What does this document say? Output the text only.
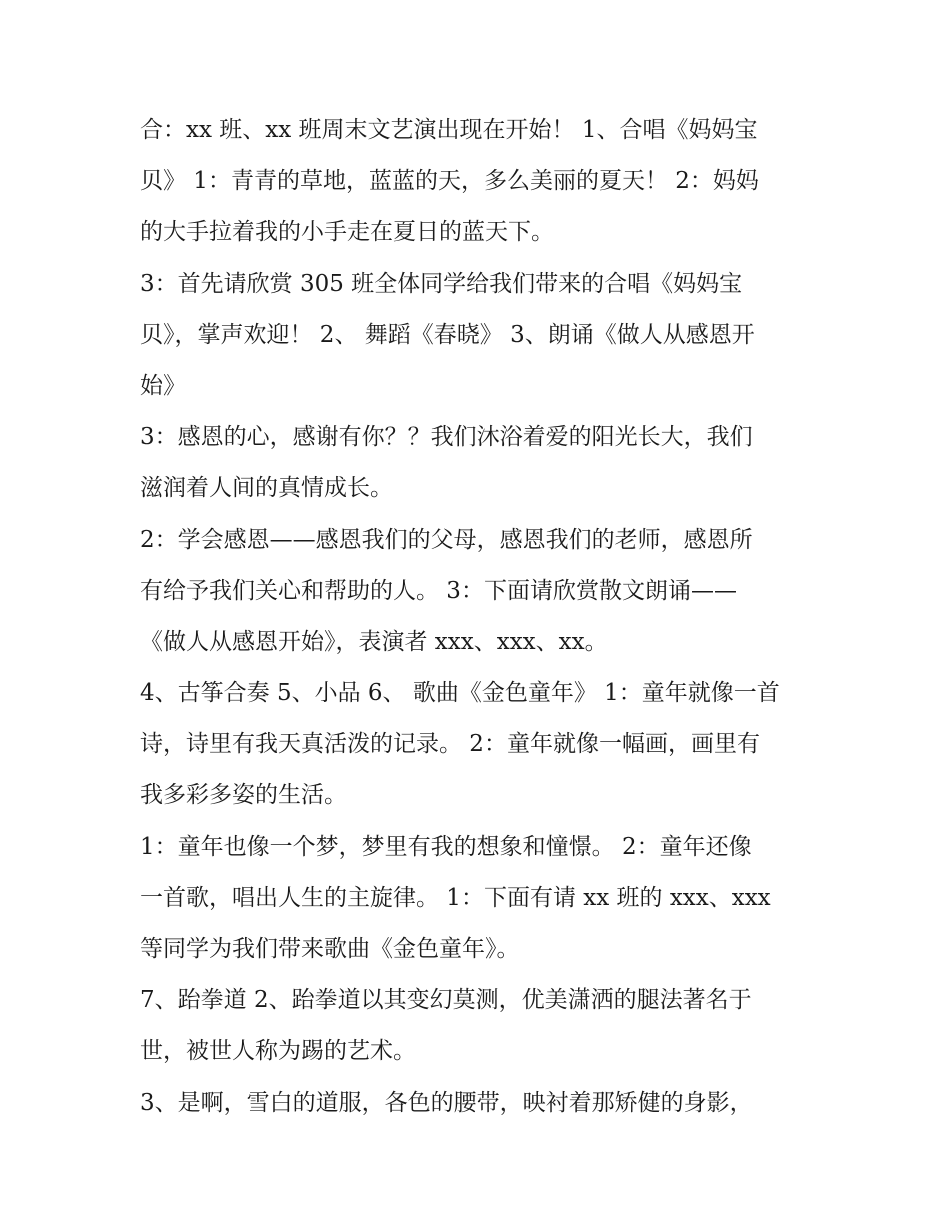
合：xx 班、xx 班周末文艺演出现在开始！ 1、合唱《妈妈宝
贝》 1：青青的草地，蓝蓝的天，多么美丽的夏天！ 2：妈妈
的大手拉着我的小手走在夏日的蓝天下。
3：首先请欣赏 305 班全体同学给我们带来的合唱《妈妈宝
贝》，掌声欢迎！ 2、 舞蹈《春晓》 3、朗诵《做人从感恩开
始》
3：感恩的心，感谢有你？？我们沐浴着爱的阳光长大，我们
滋润着人间的真情成长。
2：学会感恩——感恩我们的父母，感恩我们的老师，感恩所
有给予我们关心和帮助的人。 3：下面请欣赏散文朗诵——
《做人从感恩开始》，表演者 xxx、xxx、xx。
4、古筝合奏 5、小品 6、 歌曲《金色童年》 1：童年就像一首
诗，诗里有我天真活泼的记录。 2：童年就像一幅画，画里有
我多彩多姿的生活。
1：童年也像一个梦，梦里有我的想象和憧憬。 2：童年还像
一首歌，唱出人生的主旋律。 1：下面有请 xx 班的 xxx、xxx
等同学为我们带来歌曲《金色童年》。
7、跆拳道 2、跆拳道以其变幻莫测，优美潇洒的腿法著名于
世，被世人称为踢的艺术。
3、是啊，雪白的道服，各色的腰带，映衬着那矫健的身影，
